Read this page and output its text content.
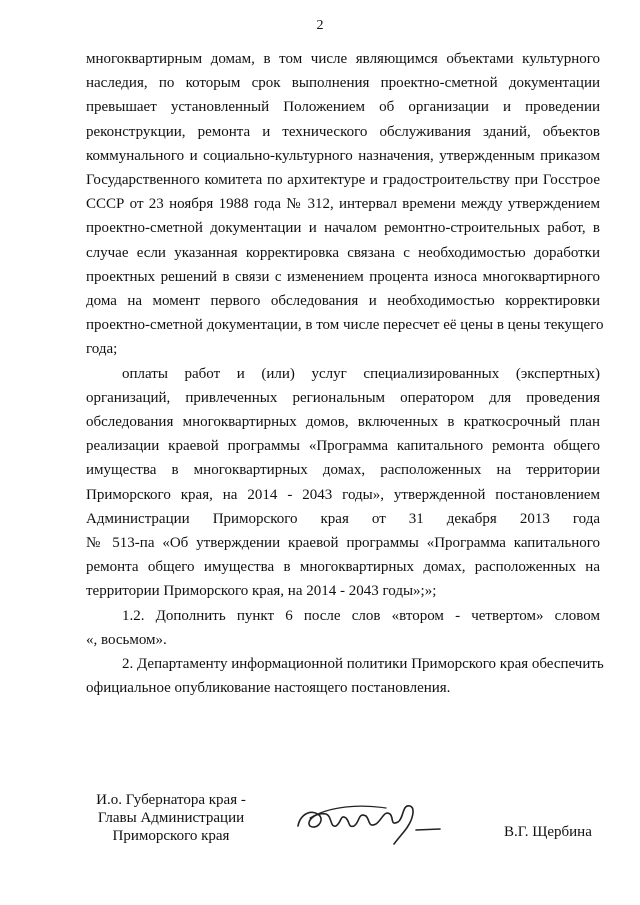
2
многоквартирным домам, в том числе являющимся объектами культурного
наследия, по которым срок выполнения проектно-сметной документации
превышает установленный Положением об организации и проведении
реконструкции, ремонта и технического обслуживания зданий, объектов
коммунального и социально-культурного назначения, утвержденным приказом
Государственного комитета по архитектуре и градостроительству при Госстрое
СССР от 23 ноября 1988 года № 312, интервал времени между утверждением
проектно-сметной документации и началом ремонтно-строительных работ, в
случае если указанная корректировка связана с необходимостью доработки
проектных решений в связи с изменением процента износа многоквартирного
дома на момент первого обследования и необходимостью корректировки
проектно-сметной документации, в том числе пересчет её цены в цены текущего
года;
оплаты работ и (или) услуг специализированных (экспертных)
организаций, привлеченных региональным оператором для проведения
обследования многоквартирных домов, включенных в краткосрочный план
реализации краевой программы «Программа капитального ремонта общего
имущества в многоквартирных домах, расположенных на территории
Приморского края, на 2014 - 2043 годы», утвержденной постановлением
Администрации Приморского края от 31 декабря 2013 года
№ 513-па «Об утверждении краевой программы «Программа капитального
ремонта общего имущества в многоквартирных домах, расположенных на
территории Приморского края, на 2014 - 2043 годы»;»;
1.2. Дополнить пункт 6 после слов «втором - четвертом» словом
«, восьмом».
2. Департаменту информационной политики Приморского края обеспечить
официальное опубликование настоящего постановления.
И.о. Губернатора края -
Главы Администрации
Приморского края	В.Г. Щербина
